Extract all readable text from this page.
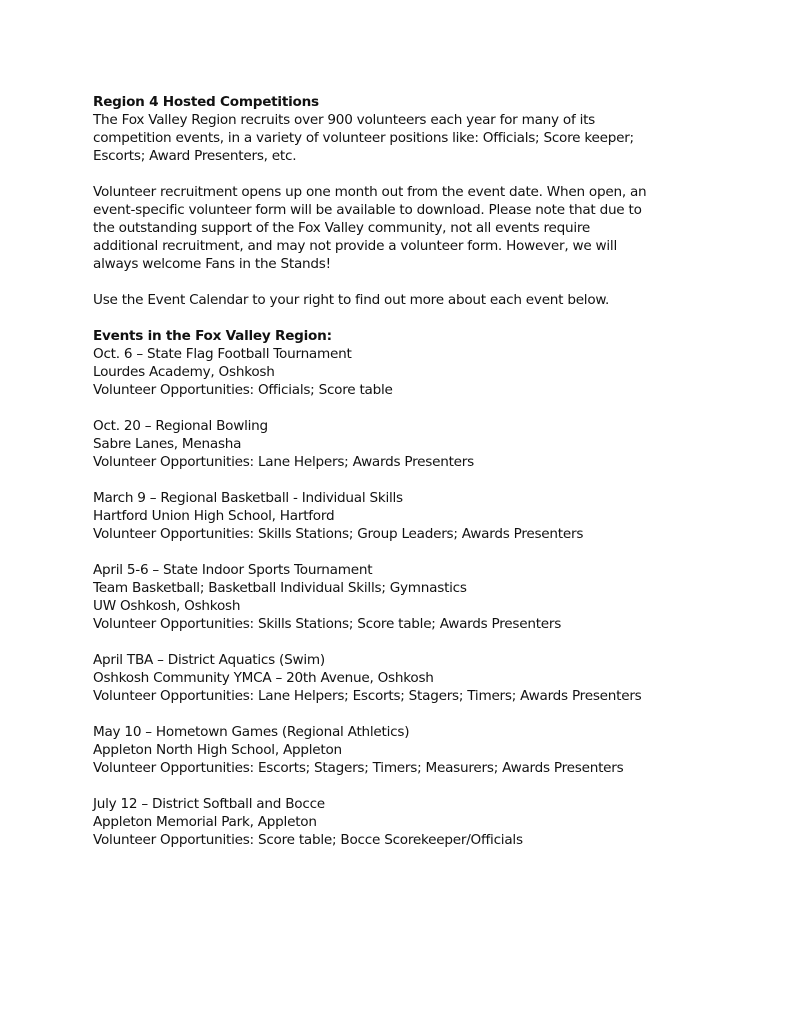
Region 4 Hosted Competitions
The Fox Valley Region recruits over 900 volunteers each year for many of its
competition events, in a variety of volunteer positions like: Officials; Score keeper;
Escorts; Award Presenters, etc.
Volunteer recruitment opens up one month out from the event date. When open, an
event-specific volunteer form will be available to download. Please note that due to
the outstanding support of the Fox Valley community, not all events require
additional recruitment, and may not provide a volunteer form. However, we will
always welcome Fans in the Stands!
Use the Event Calendar to your right to find out more about each event below.
Events in the Fox Valley Region:
Oct. 6 – State Flag Football Tournament
Lourdes Academy, Oshkosh
Volunteer Opportunities: Officials; Score table
Oct. 20 – Regional Bowling
Sabre Lanes, Menasha
Volunteer Opportunities: Lane Helpers; Awards Presenters
March 9 – Regional Basketball - Individual Skills
Hartford Union High School, Hartford
Volunteer Opportunities: Skills Stations; Group Leaders; Awards Presenters
April 5-6 – State Indoor Sports Tournament
Team Basketball; Basketball Individual Skills; Gymnastics
UW Oshkosh, Oshkosh
Volunteer Opportunities: Skills Stations; Score table; Awards Presenters
April TBA – District Aquatics (Swim)
Oshkosh Community YMCA – 20th Avenue, Oshkosh
Volunteer Opportunities: Lane Helpers; Escorts; Stagers; Timers; Awards Presenters
May 10 – Hometown Games (Regional Athletics)
Appleton North High School, Appleton
Volunteer Opportunities: Escorts; Stagers; Timers; Measurers; Awards Presenters
July 12 – District Softball and Bocce
Appleton Memorial Park, Appleton
Volunteer Opportunities: Score table; Bocce Scorekeeper/Officials
